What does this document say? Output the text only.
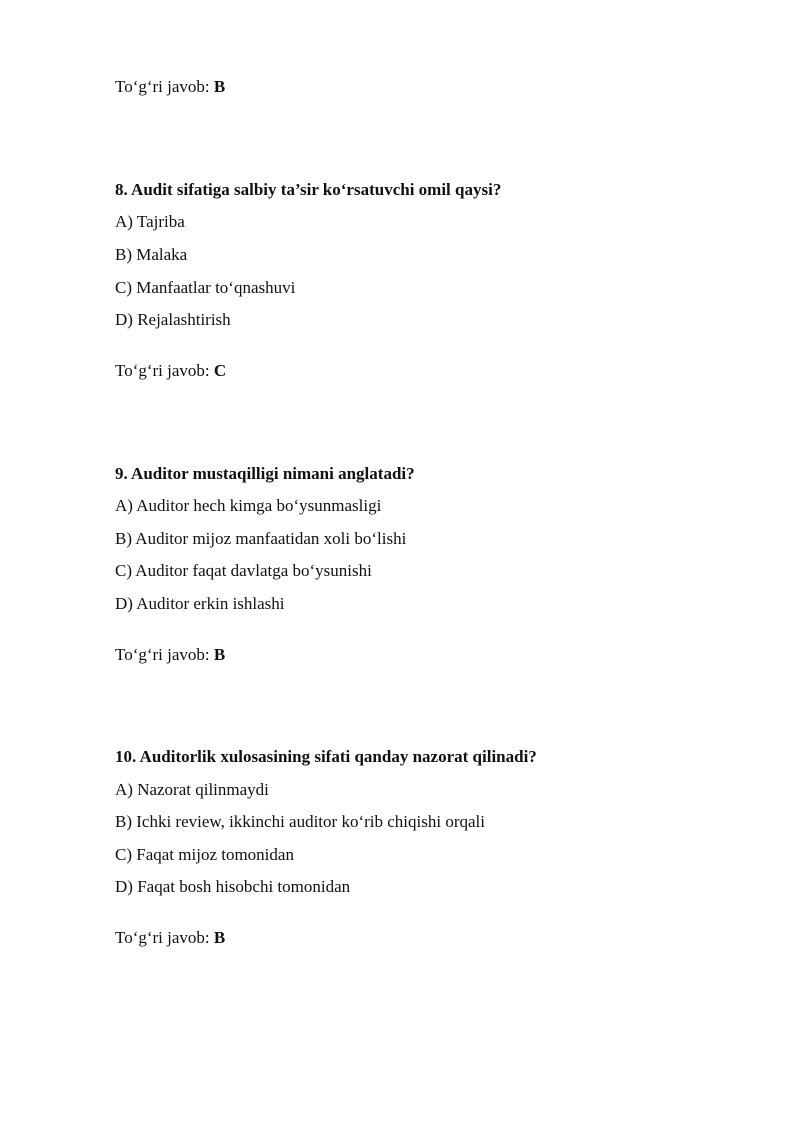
To‘g‘ri javob: B
8. Audit sifatiga salbiy ta’sir ko‘rsatuvchi omil qaysi?
A) Tajriba
B) Malaka
C) Manfaatlar to‘qnashuvi
D) Rejalashtirish
To‘g‘ri javob: C
9. Auditor mustaqilligi nimani anglatadi?
A) Auditor hech kimga bo‘ysunmasligi
B) Auditor mijoz manfaatidan xoli bo‘lishi
C) Auditor faqat davlatga bo‘ysunishi
D) Auditor erkin ishlashi
To‘g‘ri javob: B
10. Auditorlik xulosasining sifati qanday nazorat qilinadi?
A) Nazorat qilinmaydi
B) Ichki review, ikkinchi auditor ko‘rib chiqishi orqali
C) Faqat mijoz tomonidan
D) Faqat bosh hisobchi tomonidan
To‘g‘ri javob: B
